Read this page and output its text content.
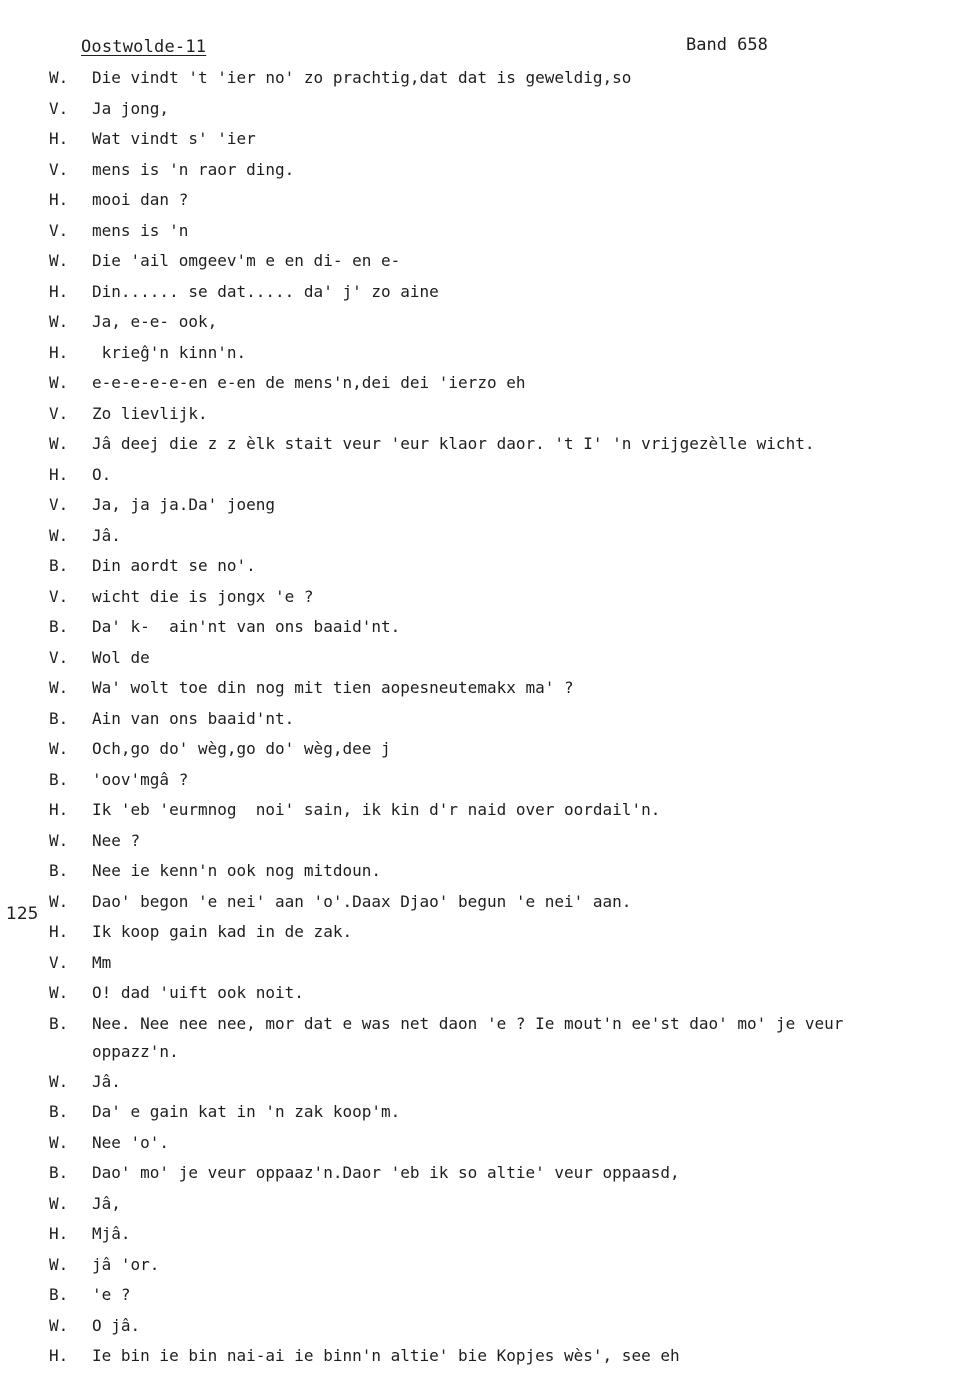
Oostwolde-11	Band 658
125
W. Die vindt 't 'ier no' zo prachtig,dat dat is geweldig,so
V. Ja jong,
H. Wat vindt s' 'ier
V. mens is 'n raor ding.
H. mooi dan ?
V. mens is 'n
W. Die 'ail omgeev'm e en di- en e-
H. Din...... se dat..... da' j' zo aine
W. Ja, e-e- ook,
H. krieĝ'n kinn'n.
W. e-e-e-e-e-en e-en de mens'n,dei dei 'ierzo eh
V. Zo lievlijk.
W. Jâ deej die z z èlk stait veur 'eur klaor daor. 't I' 'n vrijgezèlle wicht.
H. O.
V. Ja, ja ja.Da' joeng
W. Jâ.
B. Din aordt se no'.
V. wicht die is jongx 'e ?
B. Da' k-  ain'nt van ons baaid'nt.
V. Wol de
W. Wa' wolt toe din nog mit tien aopesneutemakx ma' ?
B. Ain van ons baaid'nt.
W. Och,go do' wèg,go do' wèg,dee j
B. 'oov'mgâ ?
H. Ik 'eb 'eurmnog  noi' sain, ik kin d'r naid over oordail'n.
W. Nee ?
B. Nee ie kenn'n ook nog mitdoun.
W. Dao' begon 'e nei' aan 'o'.Daax Djao' begun 'e nei' aan.
H. Ik koop gain kad in de zak.
V. Mm
W. O! dad 'uift ook noit.
B. Nee. Nee nee nee, mor dat e was net daon 'e ? Ie mout'n ee'st dao' mo' je veur
oppazz'n.
W. Jâ.
B. Da' e gain kat in 'n zak koop'm.
W. Nee 'o'.
B. Dao' mo' je veur oppaaz'n.Daor 'eb ik so altie' veur oppaasd,
W. Jâ,
H. Mjâ.
W. jâ 'or.
B. 'e ?
W. O jâ.
H. Ie bin ie bin nai-ai ie binn'n altie' bie Kopjes wès', see eh
